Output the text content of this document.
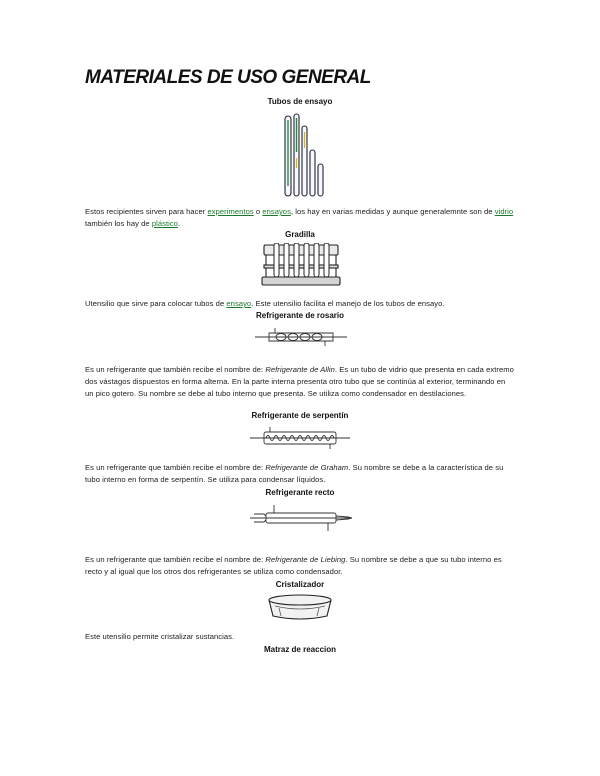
MATERIALES DE USO GENERAL
Tubos de ensayo

Estos recipientes sirven para hacer experimentos o ensayos, los hay en varias medidas y aunque generalemnte son de vidrio también los hay de plástico.

Gradilla

Utensilio que sirve para colocar tubos de ensayo. Este utensilio facilita el manejo de los tubos de ensayo.

Refrigerante de rosario

Es un refrigerante que también recibe el nombre de: Refrigerante de Allin. Es un tubo de vidrio que presenta en cada extremo dos vástagos dispuestos en forma alterna. En la parte interna presenta otro tubo que se continúa al exterior, terminando en un pico gotero. Su nombre se debe al tubo interno que presenta. Se utiliza como condensador en destilaciones.

Refrigerante de serpentín

Es un refrigerante que también recibe el nombre de: Refrigerante de Graham. Su nombre se debe a la característica de su tubo interno en forma de serpentín. Se utiliza para condensar líquidos.

Refrigerante recto

Es un refrigerante que también recibe el nombre de: Refrigerante de Liebing. Su nombre se debe a que su tubo interno es recto y al igual que los otros dos refrigerantes se utiliza como condensador.

Cristalizador

Este utensilio permite cristalizar sustancias.

Matraz de reaccion
